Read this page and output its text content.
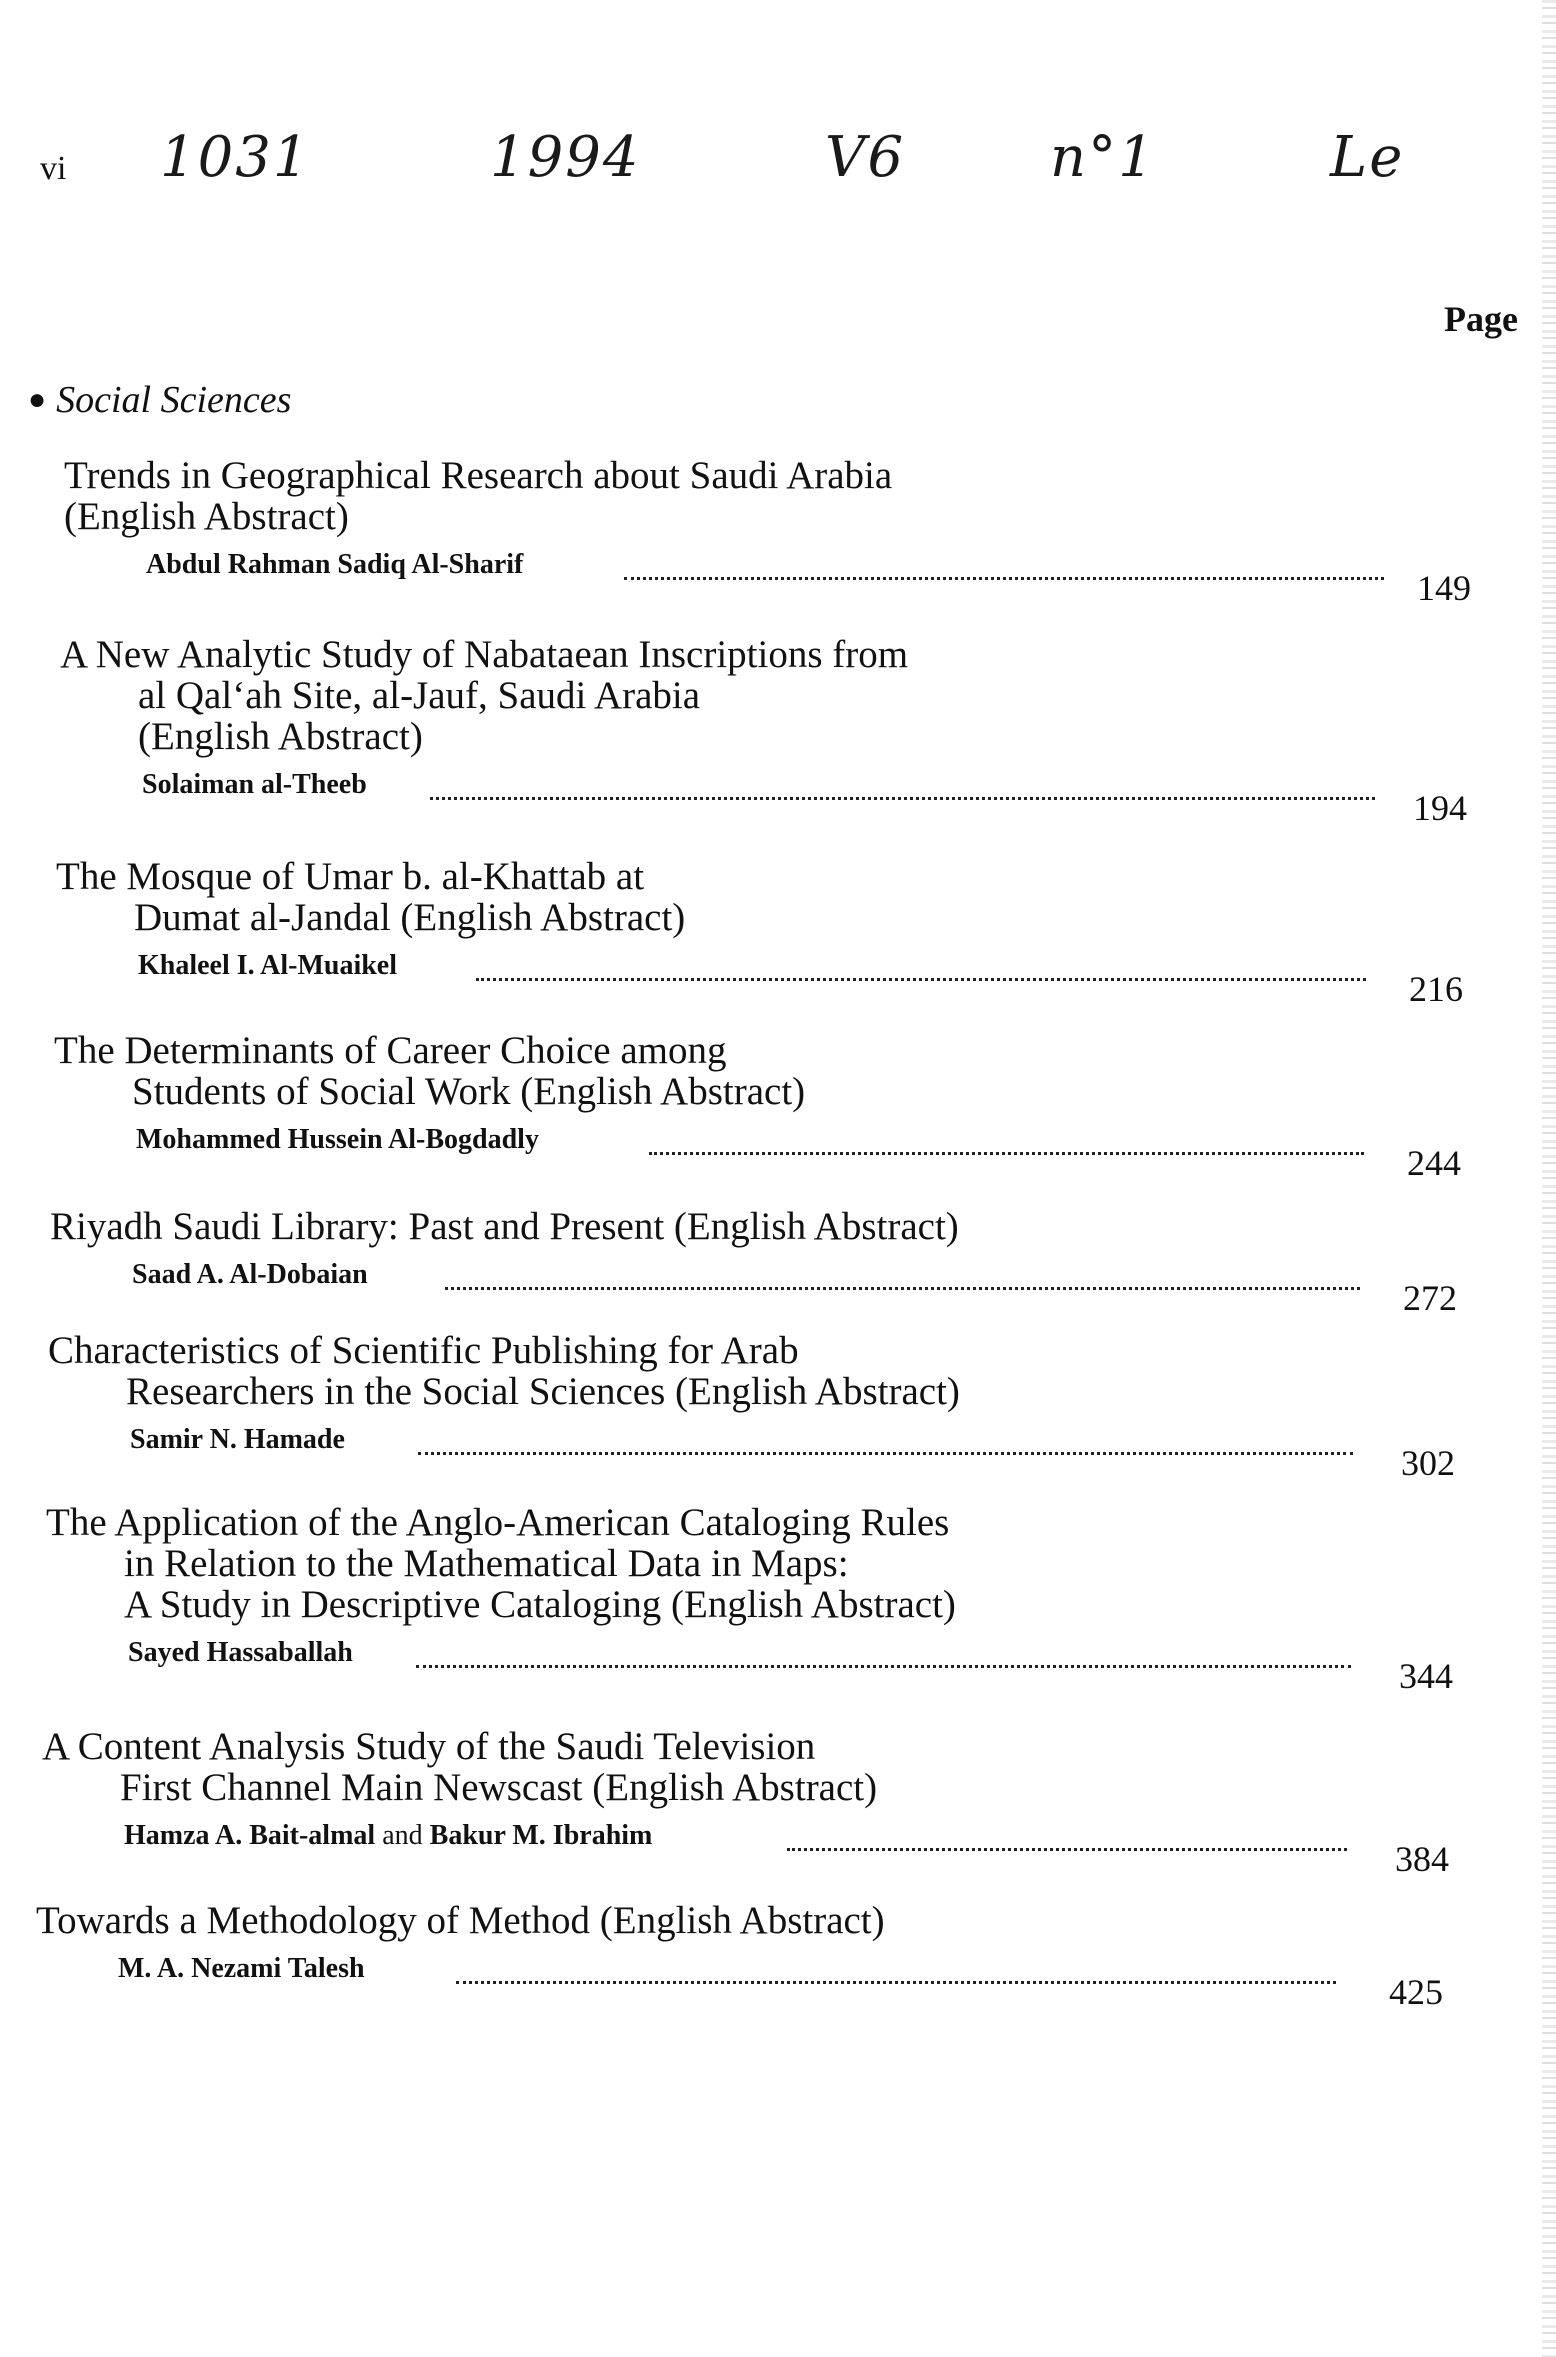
vi 1031	1994	V6	n°1	Le
Page
● Social Sciences
Trends in Geographical Research about Saudi Arabia
(English Abstract)
Abdul Rahman Sadiq Al-Sharif
149
A New Analytic Study of Nabataean Inscriptions from
al Qal‘ah Site, al-Jauf, Saudi Arabia
(English Abstract)
Solaiman al-Theeb
194
The Mosque of Umar b. al-Khattab at
Dumat al-Jandal (English Abstract)
Khaleel I. Al-Muaikel
216
The Determinants of Career Choice among
Students of Social Work (English Abstract)
Mohammed Hussein Al-Bogdadly
244
Riyadh Saudi Library: Past and Present (English Abstract)
Saad A. Al-Dobaian
272
Characteristics of Scientific Publishing for Arab
Researchers in the Social Sciences (English Abstract)
Samir N. Hamade
302
The Application of the Anglo-American Cataloging Rules
in Relation to the Mathematical Data in Maps:
A Study in Descriptive Cataloging (English Abstract)
Sayed Hassaballah
344
A Content Analysis Study of the Saudi Television
First Channel Main Newscast (English Abstract)
Hamza A. Bait-almal and Bakur M. Ibrahim
384
Towards a Methodology of Method (English Abstract)
M. A. Nezami Talesh
425
